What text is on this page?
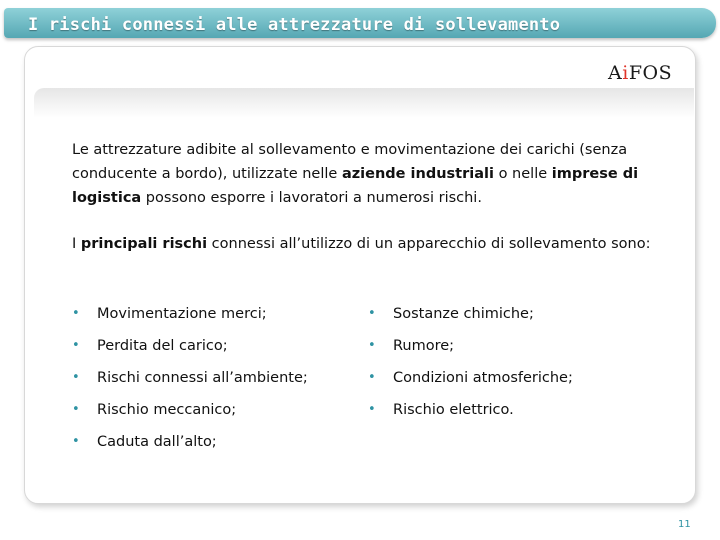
I rischi connessi alle attrezzature di sollevamento
AiFOS
Le attrezzature adibite al sollevamento e movimentazione dei carichi (senza conducente a bordo), utilizzate nelle aziende industriali o nelle imprese di logistica possono esporre i lavoratori a numerosi rischi.
I principali rischi connessi all’utilizzo di un apparecchio di sollevamento sono:
• Movimentazione merci;
• Perdita del carico;
• Rischi connessi all’ambiente;
• Rischio meccanico;
• Caduta dall’alto;
• Sostanze chimiche;
• Rumore;
• Condizioni atmosferiche;
• Rischio elettrico.
11
